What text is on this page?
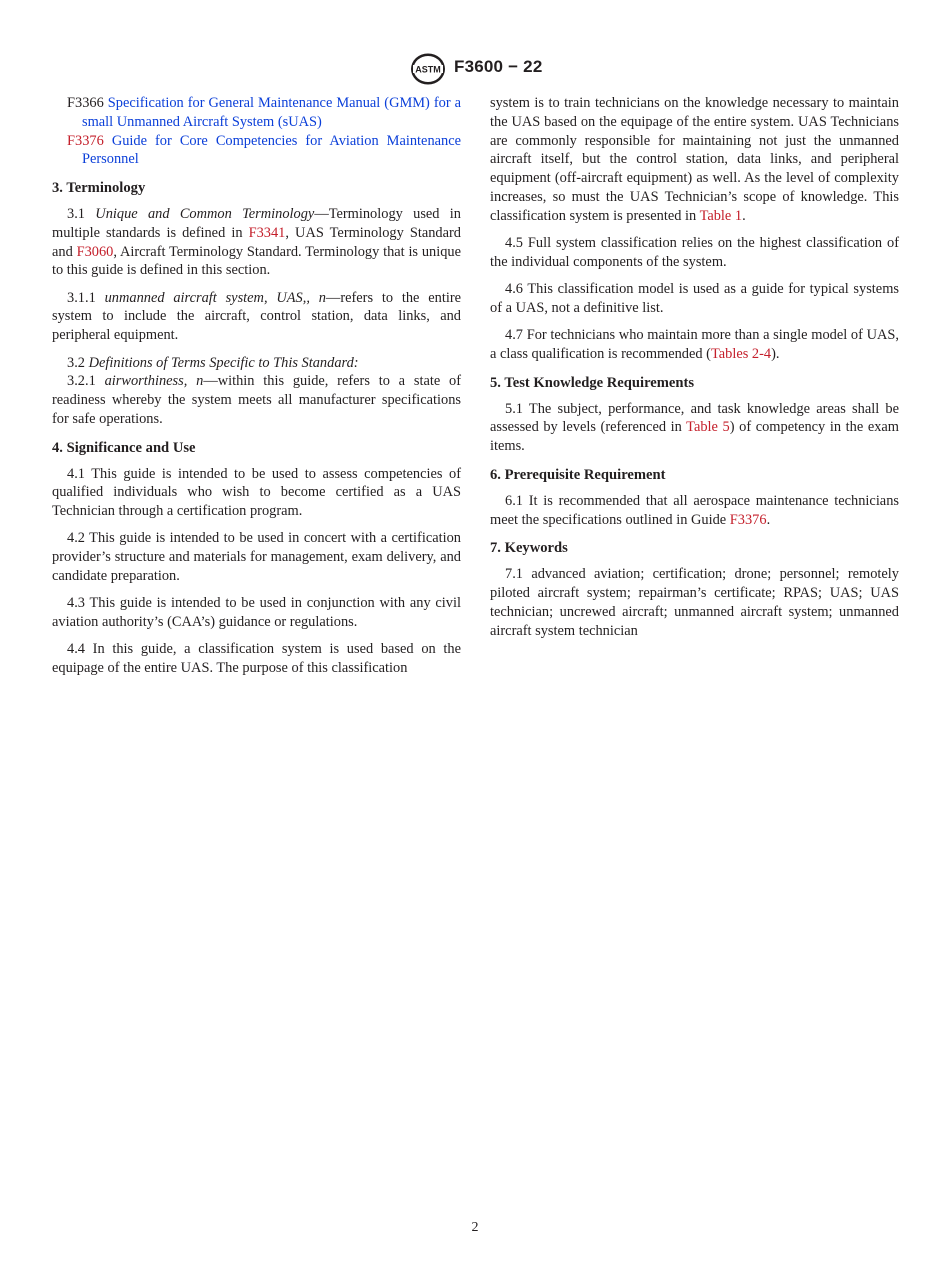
ASTM F3600 − 22

F3366 Specification for General Maintenance Manual (GMM) for a small Unmanned Aircraft System (sUAS)

F3376 Guide for Core Competencies for Aviation Maintenance Personnel

3. Terminology

3.1 Unique and Common Terminology—Terminology used in multiple standards is defined in F3341, UAS Terminology Standard and F3060, Aircraft Terminology Standard. Terminology that is unique to this guide is defined in this section.

3.1.1 unmanned aircraft system, UAS,, n—refers to the entire system to include the aircraft, control station, data links, and peripheral equipment.

3.2 Definitions of Terms Specific to This Standard:

3.2.1 airworthiness, n—within this guide, refers to a state of readiness whereby the system meets all manufacturer specifications for safe operations.

4. Significance and Use

4.1 This guide is intended to be used to assess competencies of qualified individuals who wish to become certified as a UAS Technician through a certification program.

4.2 This guide is intended to be used in concert with a certification provider’s structure and materials for management, exam delivery, and candidate preparation.

4.3 This guide is intended to be used in conjunction with any civil aviation authority’s (CAA’s) guidance or regulations.

4.4 In this guide, a classification system is used based on the equipage of the entire UAS. The purpose of this classification

system is to train technicians on the knowledge necessary to maintain the UAS based on the equipage of the entire system. UAS Technicians are commonly responsible for maintaining not just the unmanned aircraft itself, but the control station, data links, and peripheral equipment (off-aircraft equipment) as well. As the level of complexity increases, so must the UAS Technician’s scope of knowledge. This classification system is presented in Table 1.

4.5 Full system classification relies on the highest classification of the individual components of the system.

4.6 This classification model is used as a guide for typical systems of a UAS, not a definitive list.

4.7 For technicians who maintain more than a single model of UAS, a class qualification is recommended (Tables 2-4).

5. Test Knowledge Requirements

5.1 The subject, performance, and task knowledge areas shall be assessed by levels (referenced in Table 5) of competency in the exam items.

6. Prerequisite Requirement

6.1 It is recommended that all aerospace maintenance technicians meet the specifications outlined in Guide F3376.

7. Keywords

7.1 advanced aviation; certification; drone; personnel; remotely piloted aircraft system; repairman’s certificate; RPAS; UAS; UAS technician; uncrewed aircraft; unmanned aircraft system; unmanned aircraft system technician

2
